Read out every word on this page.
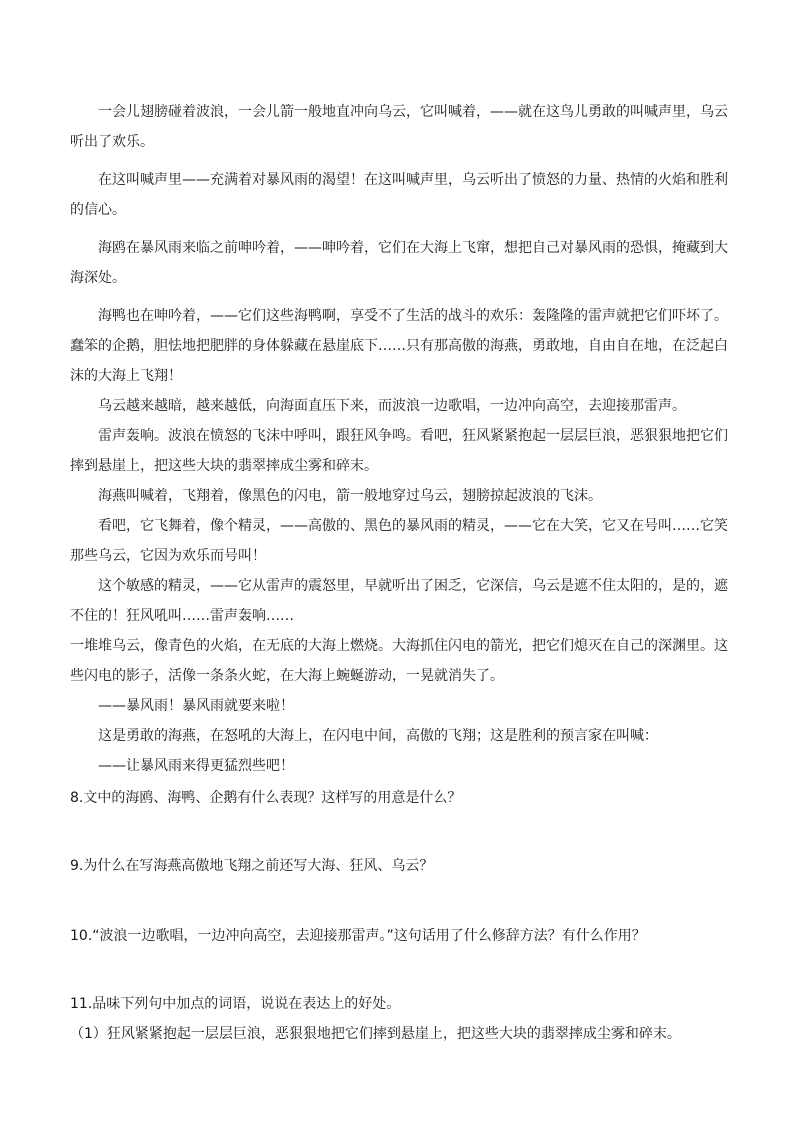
一会儿翅膀碰着波浪，一会儿箭一般地直冲向乌云，它叫喊着，——就在这鸟儿勇敢的叫喊声里，乌云听出了欢乐。

在这叫喊声里——充满着对暴风雨的渴望！在这叫喊声里，乌云听出了愤怒的力量、热情的火焰和胜利的信心。

海鸥在暴风雨来临之前呻吟着，——呻吟着，它们在大海上飞窜，想把自己对暴风雨的恐惧，掩藏到大海深处。

海鸭也在呻吟着，——它们这些海鸭啊，享受不了生活的战斗的欢乐：轰隆隆的雷声就把它们吓坏了。蠢笨的企鹅，胆怯地把肥胖的身体躲藏在悬崖底下……只有那高傲的海燕，勇敢地，自由自在地，在泛起白沫的大海上飞翔！

乌云越来越暗，越来越低，向海面直压下来，而波浪一边歌唱，一边冲向高空，去迎接那雷声。

雷声轰响。波浪在愤怒的飞沫中呼叫，跟狂风争鸣。看吧，狂风紧紧抱起一层层巨浪，恶狠狠地把它们摔到悬崖上，把这些大块的翡翠摔成尘雾和碎末。

海燕叫喊着，飞翔着，像黑色的闪电，箭一般地穿过乌云，翅膀掠起波浪的飞沫。

看吧，它飞舞着，像个精灵，——高傲的、黑色的暴风雨的精灵，——它在大笑，它又在号叫……它笑那些乌云，它因为欢乐而号叫！

这个敏感的精灵，——它从雷声的震怒里，早就听出了困乏，它深信，乌云是遮不住太阳的，是的，遮不住的！狂风吼叫……雷声轰响……

一堆堆乌云，像青色的火焰，在无底的大海上燃烧。大海抓住闪电的箭光，把它们熄灭在自己的深渊里。这些闪电的影子，活像一条条火蛇，在大海上蜿蜒游动，一晃就消失了。

——暴风雨！暴风雨就要来啦！

这是勇敢的海燕，在怒吼的大海上，在闪电中间，高傲的飞翔；这是胜利的预言家在叫喊：

——让暴风雨来得更猛烈些吧！

8.文中的海鸥、海鸭、企鹅有什么表现？这样写的用意是什么？

9.为什么在写海燕高傲地飞翔之前还写大海、狂风、乌云？

10.“波浪一边歌唱，一边冲向高空，去迎接那雷声。”这句话用了什么修辞方法？有什么作用？

11.品味下列句中加点的词语，说说在表达上的好处。

（1）狂风紧紧抱起一层层巨浪，恶狠狠地把它们摔到悬崖上，把这些大块的翡翠摔成尘雾和碎末。
